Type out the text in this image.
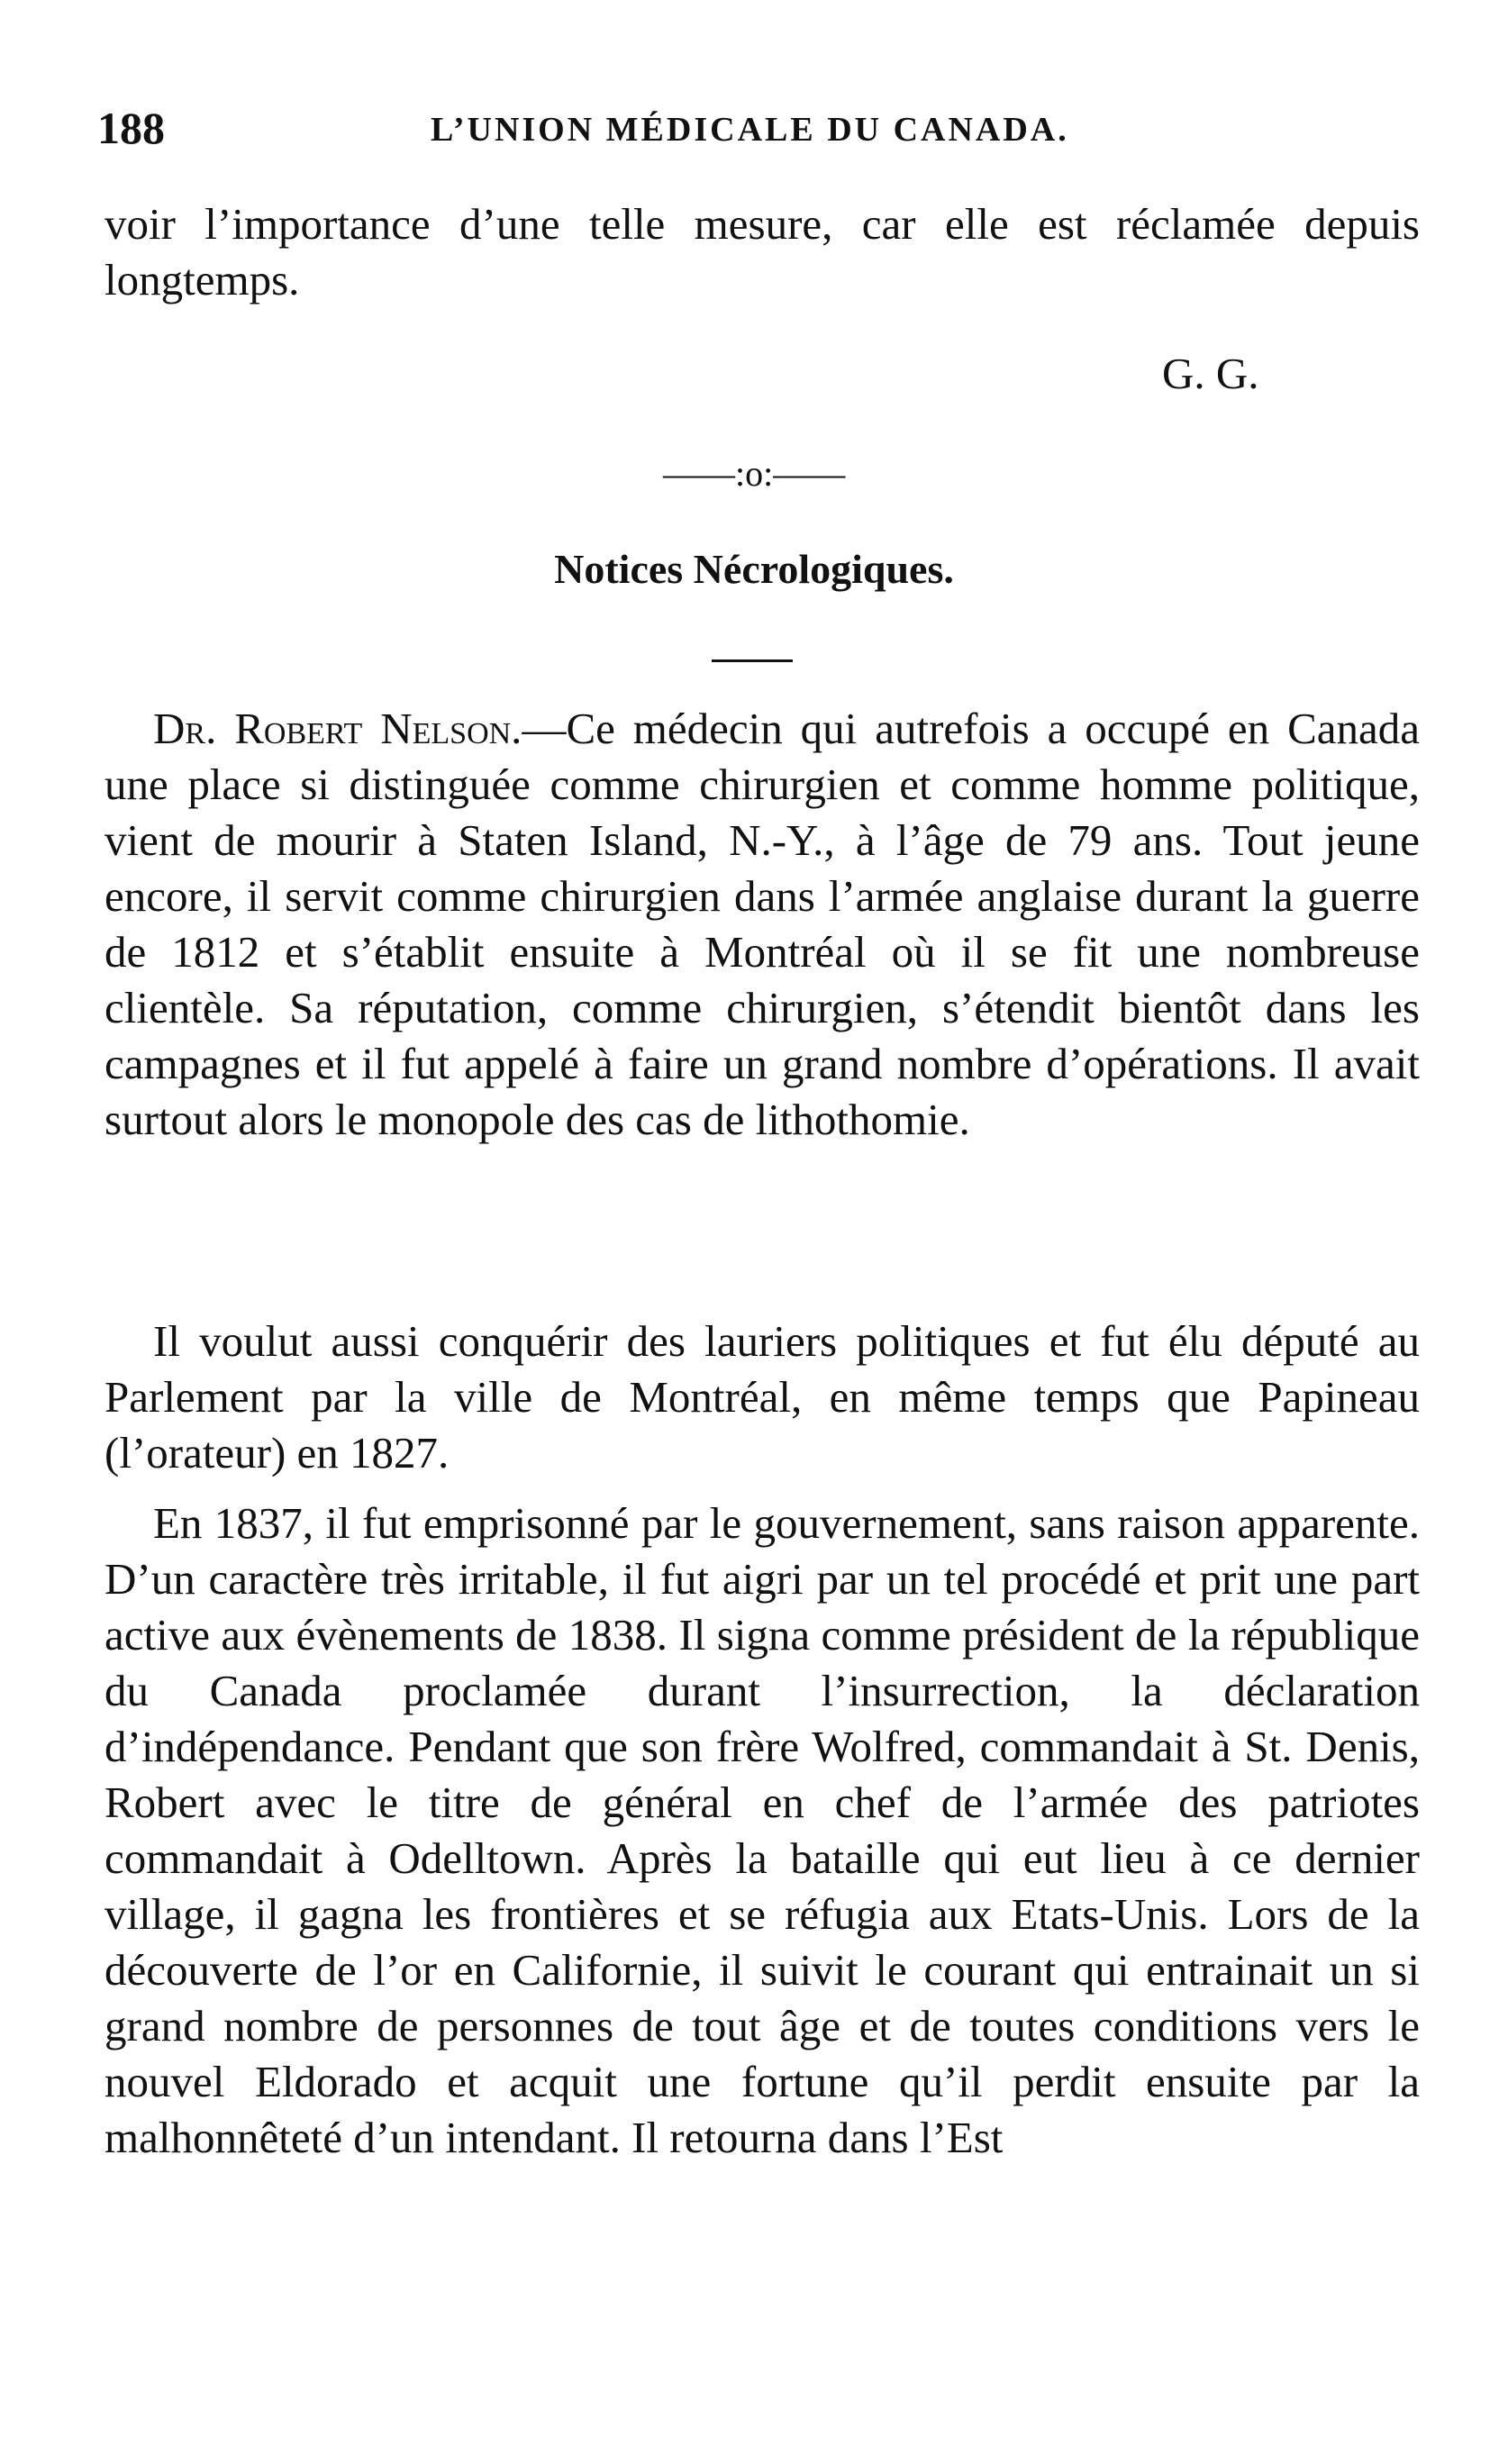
188	L’UNION MÉDICALE DU CANADA.

voir l’importance d’une telle mesure, car elle est réclamée depuis longtemps.

G. G.
——:o:——
Notices Nécrologiques.

Dr. Robert Nelson.—Ce médecin qui autrefois a occupé en Canada une place si distinguée comme chirurgien et comme homme politique, vient de mourir à Staten Island, N.-Y., à l’âge de 79 ans. Tout jeune encore, il servit comme chirurgien dans l’armée anglaise durant la guerre de 1812 et s’établit ensuite à Montréal où il se fit une nombreuse clientèle. Sa réputation, comme chirurgien, s’étendit bientôt dans les campagnes et il fut appelé à faire un grand nombre d’opérations. Il avait surtout alors le monopole des cas de lithothomie.

Il voulut aussi conquérir des lauriers politiques et fut élu député au Parlement par la ville de Montréal, en même temps que Papineau (l’orateur) en 1827.

En 1837, il fut emprisonné par le gouvernement, sans raison apparente. D’un caractère très irritable, il fut aigri par un tel procédé et prit une part active aux évènements de 1838. Il signa comme président de la république du Canada proclamée durant l’insurrection, la déclaration d’indépendance. Pendant que son frère Wolfred, commandait à St. Denis, Robert avec le titre de général en chef de l’armée des patriotes commandait à Odelltown. Après la bataille qui eut lieu à ce dernier village, il gagna les frontières et se réfugia aux Etats-Unis. Lors de la découverte de l’or en Californie, il suivit le courant qui entrainait un si grand nombre de personnes de tout âge et de toutes conditions vers le nouvel Eldorado et acquit une fortune qu’il perdit ensuite par la malhonnêteté d’un intendant. Il retourna dans l’Est
